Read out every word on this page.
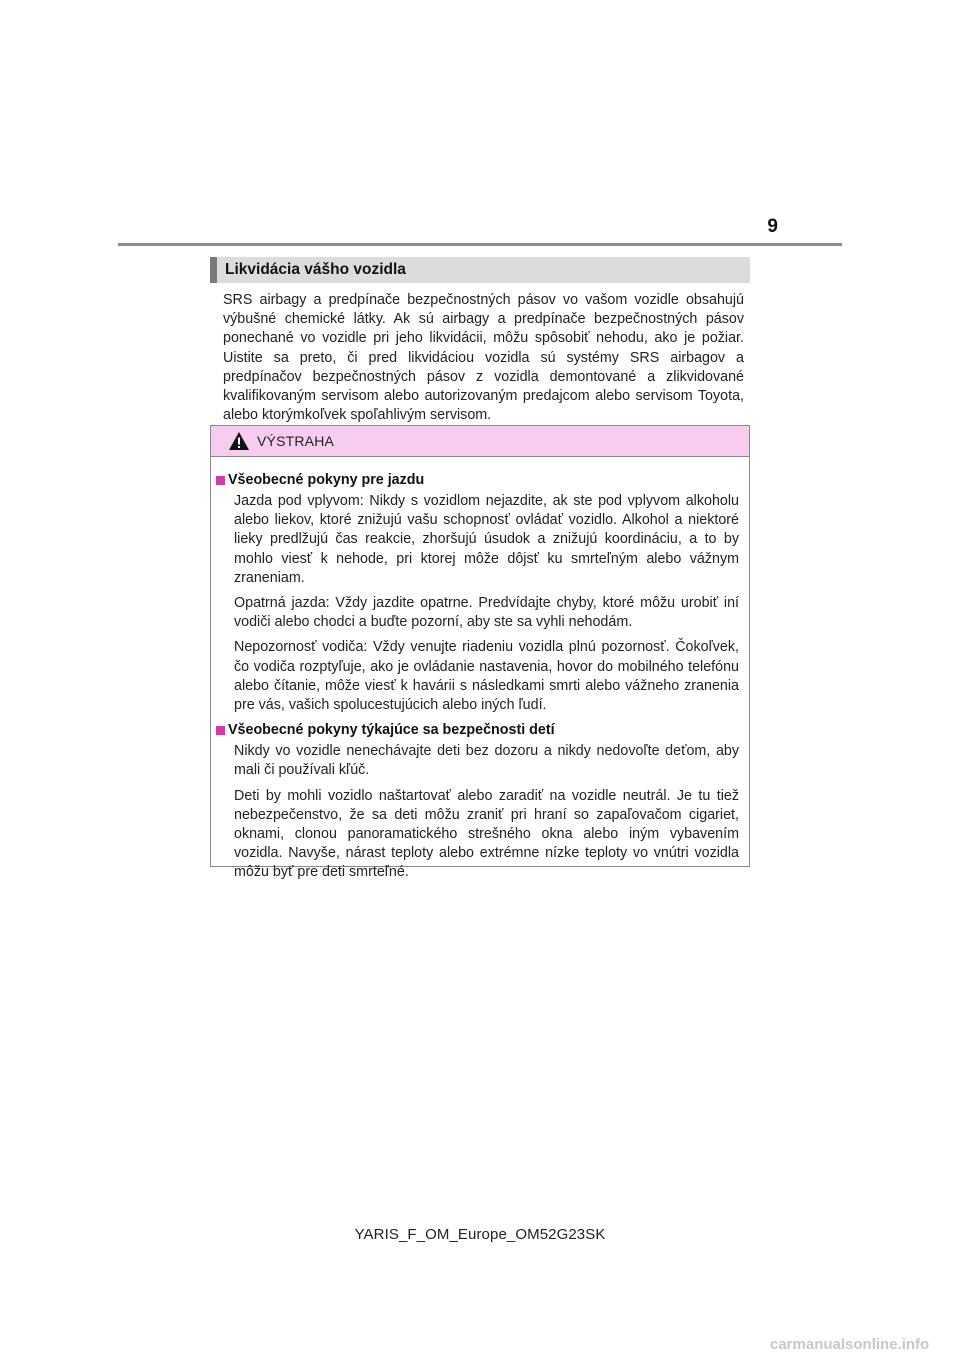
9
Likvidácia vášho vozidla

SRS airbagy a predpínače bezpečnostných pásov vo vašom vozidle obsahujú výbušné chemické látky. Ak sú airbagy a predpínače bezpečnostných pásov ponechané vo vozidle pri jeho likvidácii, môžu spôsobiť nehodu, ako je požiar. Uistite sa preto, či pred likvidáciou vozidla sú systémy SRS airbagov a predpínačov bezpečnostných pásov z vozidla demontované a zlikvidované kvalifikovaným servisom alebo autorizovaným predajcom alebo servisom Toyota, alebo ktorýmkoľvek spoľahlivým servisom.

VÝSTRAHA
Všeobecné pokyny pre jazdu

Jazda pod vplyvom: Nikdy s vozidlom nejazdite, ak ste pod vplyvom alkoholu alebo liekov, ktoré znižujú vašu schopnosť ovládať vozidlo. Alkohol a niektoré lieky predlžujú čas reakcie, zhoršujú úsudok a znižujú koordináciu, a to by mohlo viesť k nehode, pri ktorej môže dôjsť ku smrteľným alebo vážnym zraneniam.

Opatrná jazda: Vždy jazdite opatrne. Predvídajte chyby, ktoré môžu urobiť iní vodiči alebo chodci a buďte pozorní, aby ste sa vyhli nehodám.

Nepozornosť vodiča: Vždy venujte riadeniu vozidla plnú pozornosť. Čokoľvek, čo vodiča rozptyľuje, ako je ovládanie nastavenia, hovor do mobilného telefónu alebo čítanie, môže viesť k havárii s následkami smrti alebo vážneho zranenia pre vás, vašich spolucestujúcich alebo iných ľudí.

Všeobecné pokyny týkajúce sa bezpečnosti detí

Nikdy vo vozidle nenechávajte deti bez dozoru a nikdy nedovoľte deťom, aby mali či používali kľúč.

Deti by mohli vozidlo naštartovať alebo zaradiť na vozidle neutrál. Je tu tiež nebezpečenstvo, že sa deti môžu zraniť pri hraní so zapaľovačom cigariet, oknami, clonou panoramatického strešného okna alebo iným vybavením vozidla. Navyše, nárast teploty alebo extrémne nízke teploty vo vnútri vozidla môžu byť pre deti smrteľné.

YARIS_F_OM_Europe_OM52G23SK
carmanualsonline.info
